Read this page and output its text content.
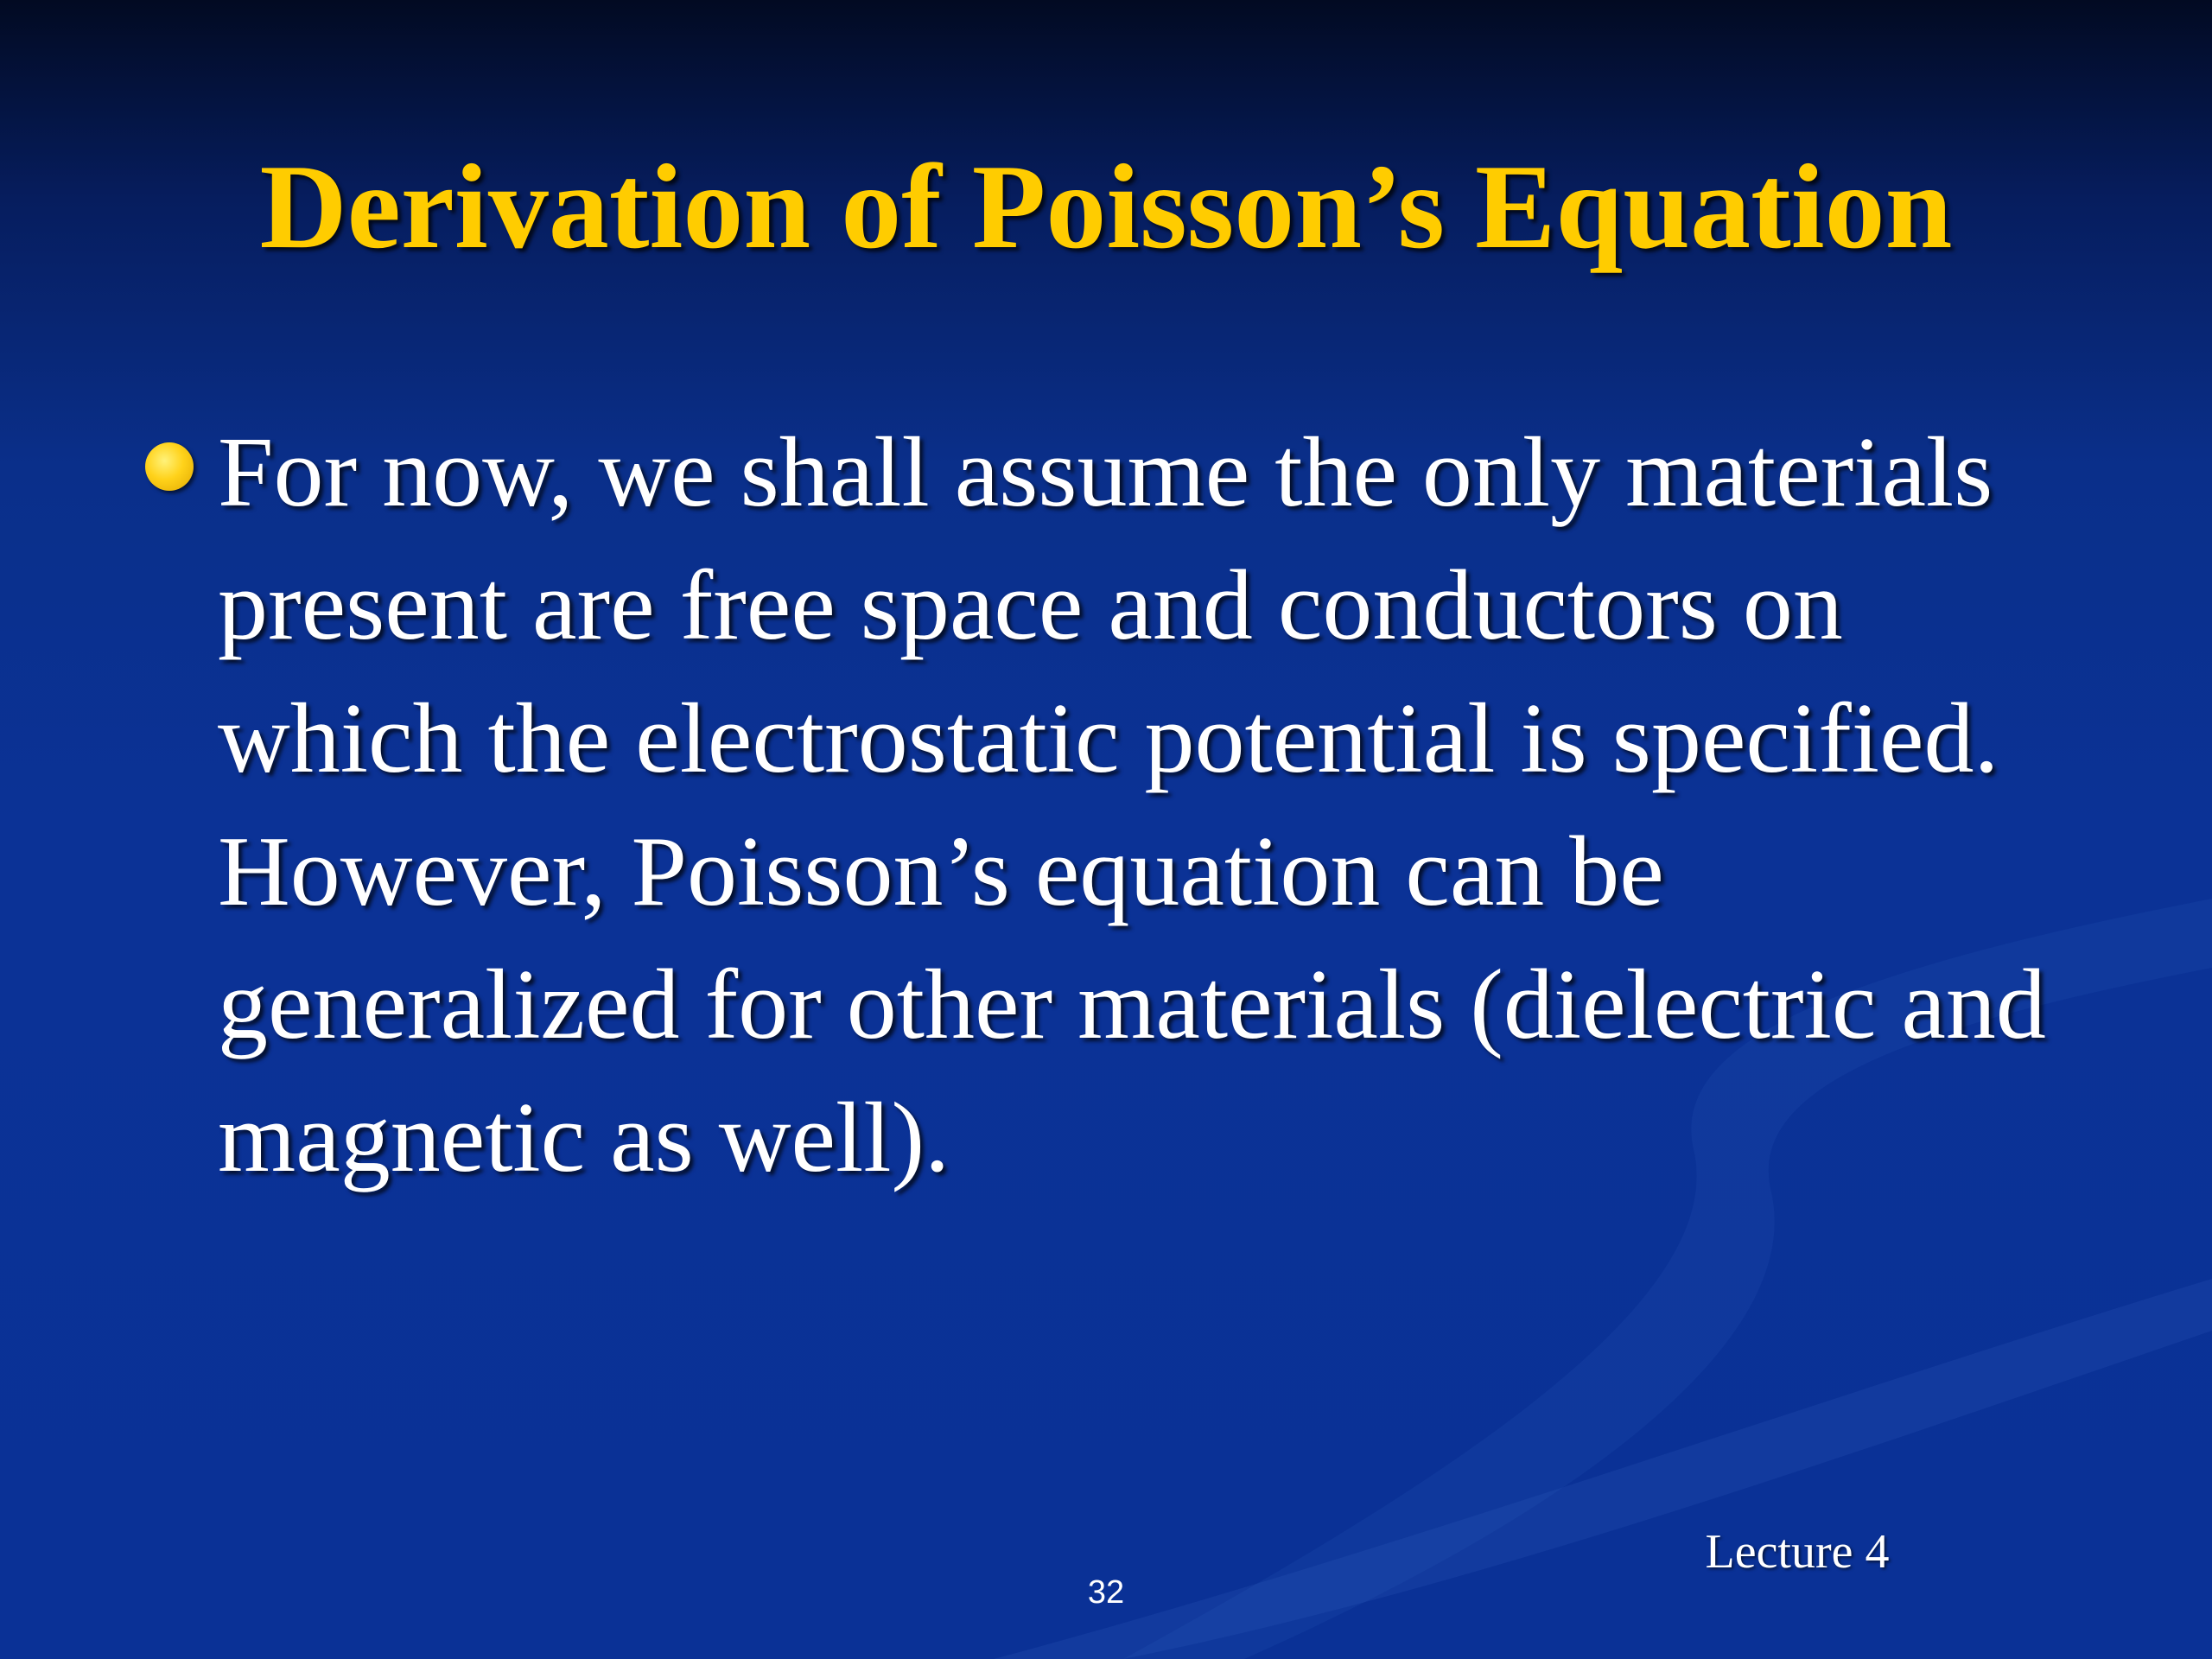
Derivation of Poisson’s Equation

For now, we shall assume the only materials present are free space and conductors on which the electrostatic potential is specified. However, Poisson’s equation can be generalized for other materials (dielectric and magnetic as well).

Lecture 4
32
